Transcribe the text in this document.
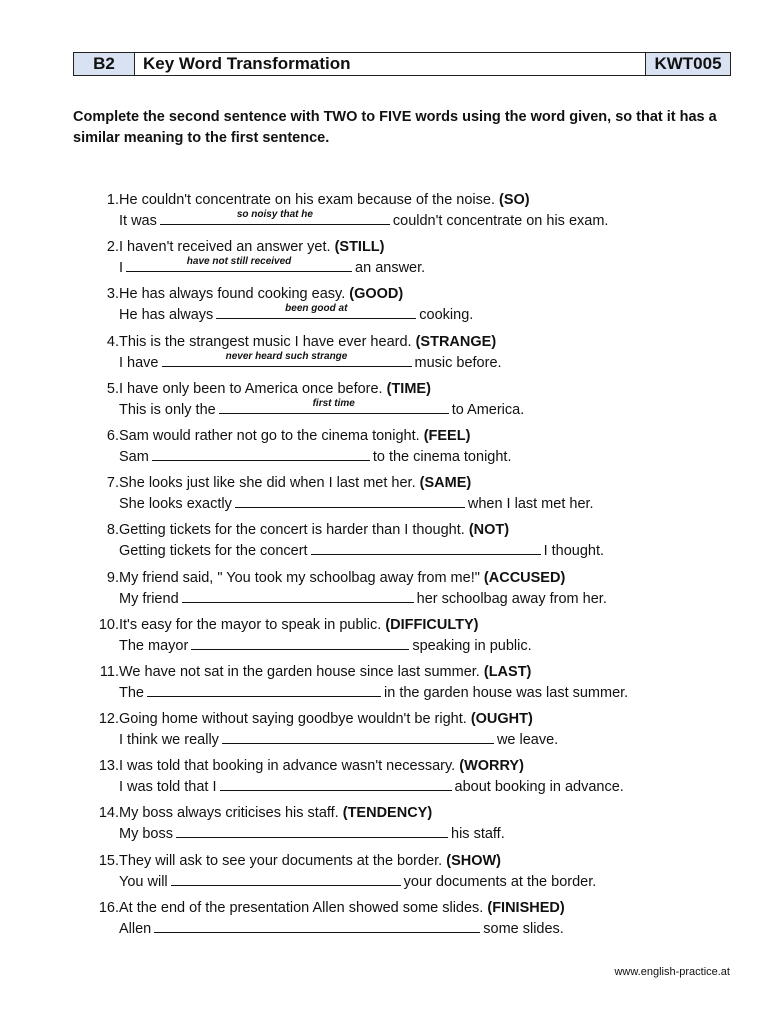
B2	Key Word Transformation	KWT005
Complete the second sentence with TWO to FIVE words using the word given, so that it has a similar meaning to the first sentence.
1. He couldn't concentrate on his exam because of the noise. (SO)
It was	so noisy that he	couldn't concentrate on his exam.
2. I haven't received an answer yet. (STILL)
I	have not still received	an answer.
3. He has always found cooking easy. (GOOD)
He has always	been good at	cooking.
4. This is the strangest music I have ever heard. (STRANGE)
I have	never heard such strange	music before.
5. I have only been to America once before. (TIME)
This is only the	first time	to America.
6. Sam would rather not go to the cinema tonight. (FEEL)
Sam	to the cinema tonight.
7. She looks just like she did when I last met her. (SAME)
She looks exactly	when I last met her.
8. Getting tickets for the concert is harder than I thought. (NOT)
Getting tickets for the concert	I thought.
9. My friend said, " You took my schoolbag away from me!" (ACCUSED)
My friend	her schoolbag away from her.
10. It's easy for the mayor to speak in public. (DIFFICULTY)
The mayor	speaking in public.
11. We have not sat in the garden house since last summer. (LAST)
The	in the garden house was last summer.
12. Going home without saying goodbye wouldn't be right. (OUGHT)
I think we really	we leave.
13. I was told that booking in advance wasn't necessary. (WORRY)
I was told that I	about booking in advance.
14. My boss always criticises his staff. (TENDENCY)
My boss	his staff.
15. They will ask to see your documents at the border. (SHOW)
You will	your documents at the border.
16. At the end of the presentation Allen showed some slides. (FINISHED)
Allen	some slides.
www.english-practice.at
